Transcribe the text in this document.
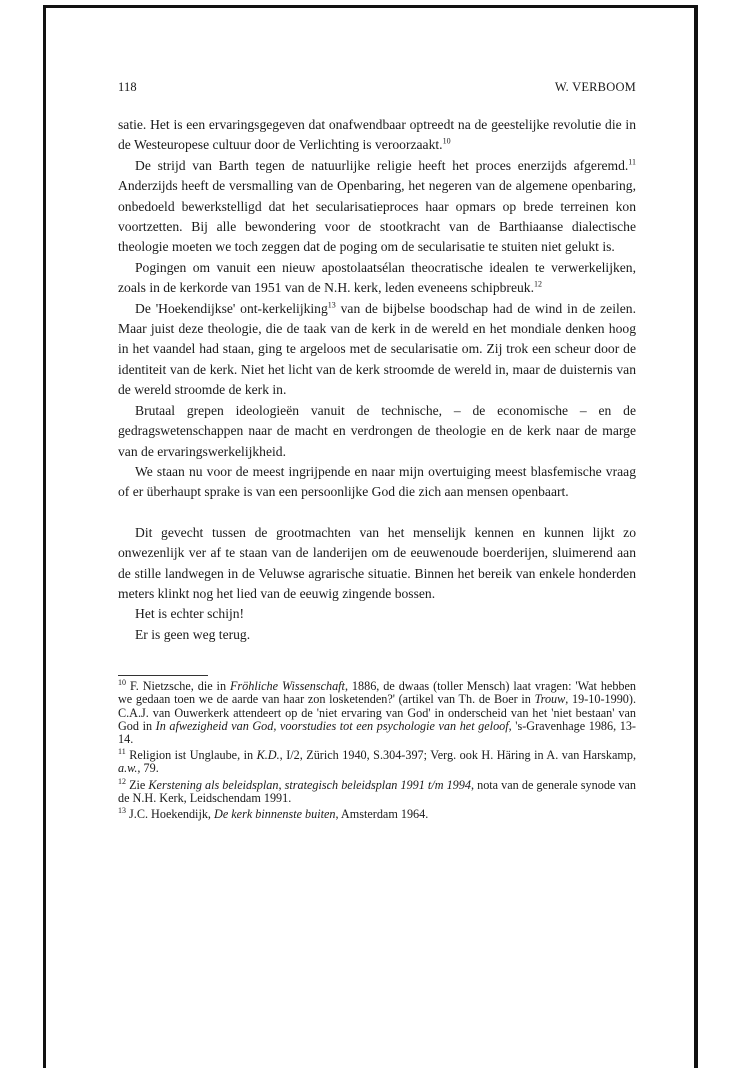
118	W. VERBOOM

satie. Het is een ervaringsgegeven dat onafwendbaar optreedt na de geestelijke revolutie die in de Westeuropese cultuur door de Verlichting is veroorzaakt.$^{10}$

De strijd van Barth tegen de natuurlijke religie heeft het proces enerzijds afgeremd.$^{11}$ Anderzijds heeft de versmalling van de Openbaring, het negeren van de algemene openbaring, onbedoeld bewerkstelligd dat het secularisatieproces haar opmars op brede terreinen kon voortzetten. Bij alle bewondering voor de stootkracht van de Barthiaanse dialectische theologie moeten we toch zeggen dat de poging om de secularisatie te stuiten niet gelukt is.

Pogingen om vanuit een nieuw apostolaatsélan theocratische idealen te verwerkelijken, zoals in de kerkorde van 1951 van de N.H. kerk, leden eveneens schipbreuk.$^{12}$

De 'Hoekendijkse' ont-kerkelijking$^{13}$ van de bijbelse boodschap had de wind in de zeilen. Maar juist deze theologie, die de taak van de kerk in de wereld en het mondiale denken hoog in het vaandel had staan, ging te argeloos met de secularisatie om. Zij trok een scheur door de identiteit van de kerk. Niet het licht van de kerk stroomde de wereld in, maar de duisternis van de wereld stroomde de kerk in.

Brutaal grepen ideologieën vanuit de technische, – de economische – en de gedragswetenschappen naar de macht en verdrongen de theologie en de kerk naar de marge van de ervaringswerkelijkheid.

We staan nu voor de meest ingrijpende en naar mijn overtuiging meest blasfemische vraag of er überhaupt sprake is van een persoonlijke God die zich aan mensen openbaart.

Dit gevecht tussen de grootmachten van het menselijk kennen en kunnen lijkt zo onwezenlijk ver af te staan van de landerijen om de eeuwenoude boerderijen, sluimerend aan de stille landwegen in de Veluwse agrarische situatie. Binnen het bereik van enkele honderden meters klinkt nog het lied van de eeuwig zingende bossen.

Het is echter schijn!

Er is geen weg terug.

$^{10}$ F. Nietzsche, die in Fröhliche Wissenschaft, 1886, de dwaas (toller Mensch) laat vragen: 'Wat hebben we gedaan toen we de aarde van haar zon losketenden?' (artikel van Th. de Boer in Trouw, 19-10-1990). C.A.J. van Ouwerkerk attendeert op de 'niet ervaring van God' in onderscheid van het 'niet bestaan' van God in In afwezigheid van God, voorstudies tot een psychologie van het geloof, 's-Gravenhage 1986, 13-14.

$^{11}$ Religion ist Unglaube, in K.D., I/2, Zürich 1940, S.304-397; Verg. ook H. Häring in A. van Harskamp, a.w., 79.

$^{12}$ Zie Kerstening als beleidsplan, strategisch beleidsplan 1991 t/m 1994, nota van de generale synode van de N.H. Kerk, Leidschendam 1991.

$^{13}$ J.C. Hoekendijk, De kerk binnenste buiten, Amsterdam 1964.
